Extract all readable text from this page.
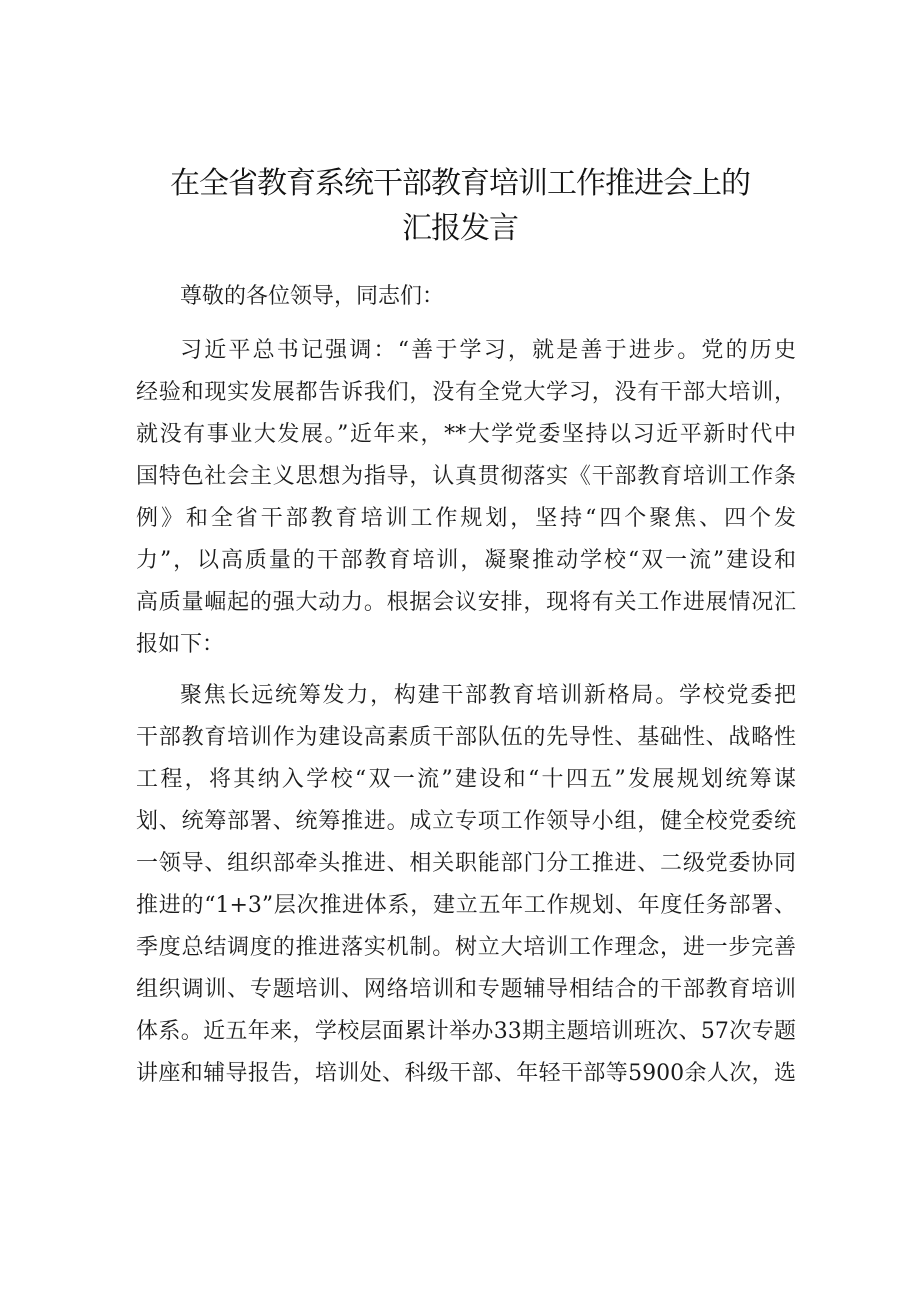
在全省教育系统干部教育培训工作推进会上的
汇报发言
尊敬的各位领导，同志们：
习近平总书记强调：“善于学习，就是善于进步。党的历史
经验和现实发展都告诉我们，没有全党大学习，没有干部大培训，
就没有事业大发展。”近年来，**大学党委坚持以习近平新时代中
国特色社会主义思想为指导，认真贯彻落实《干部教育培训工作条
例》和全省干部教育培训工作规划，坚持“四个聚焦、四个发
力”，以高质量的干部教育培训，凝聚推动学校“双一流”建设和
高质量崛起的强大动力。根据会议安排，现将有关工作进展情况汇
报如下：
聚焦长远统筹发力，构建干部教育培训新格局。学校党委把
干部教育培训作为建设高素质干部队伍的先导性、基础性、战略性
工程，将其纳入学校“双一流”建设和“十四五”发展规划统筹谋
划、统筹部署、统筹推进。成立专项工作领导小组，健全校党委统
一领导、组织部牵头推进、相关职能部门分工推进、二级党委协同
推进的“1+3”层次推进体系，建立五年工作规划、年度任务部署、
季度总结调度的推进落实机制。树立大培训工作理念，进一步完善
组织调训、专题培训、网络培训和专题辅导相结合的干部教育培训
体系。近五年来，学校层面累计举办33期主题培训班次、57次专题
讲座和辅导报告，培训处、科级干部、年轻干部等5900余人次，选
